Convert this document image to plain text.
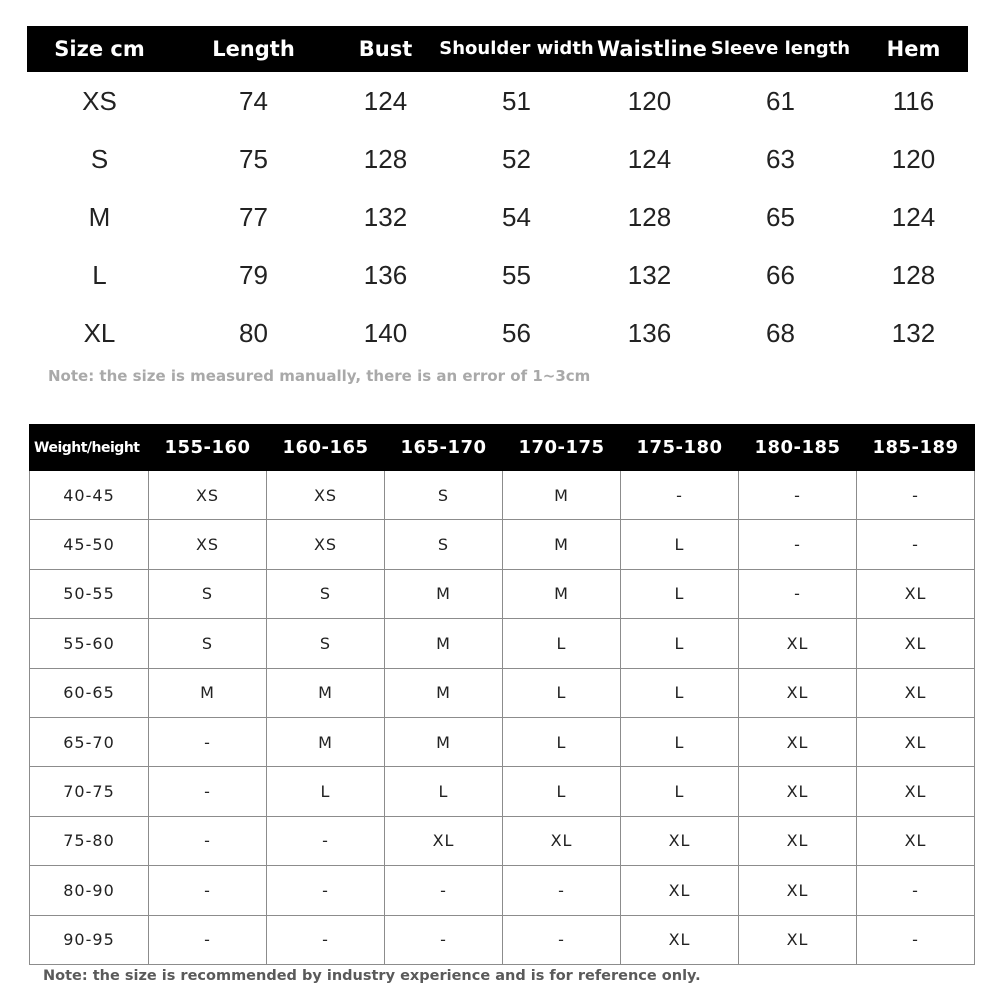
Size cm	Length	Bust	Shoulder width	Waistline	Sleeve length	Hem
XS	74	124	51	120	61	116
S	75	128	52	124	63	120
M	77	132	54	128	65	124
L	79	136	55	132	66	128
XL	80	140	56	136	68	132

Note: the size is measured manually, there is an error of 1~3cm

Weight/height	155-160	160-165	165-170	170-175	175-180	180-185	185-189
40-45	XS	XS	S	M	-	-	-
45-50	XS	XS	S	M	L	-	-
50-55	S	S	M	M	L	-	XL
55-60	S	S	M	L	L	XL	XL
60-65	M	M	M	L	L	XL	XL
65-70	-	M	M	L	L	XL	XL
70-75	-	L	L	L	L	XL	XL
75-80	-	-	XL	XL	XL	XL	XL
80-90	-	-	-	-	XL	XL	-
90-95	-	-	-	-	XL	XL	-

Note: the size is recommended by industry experience and is for reference only.
